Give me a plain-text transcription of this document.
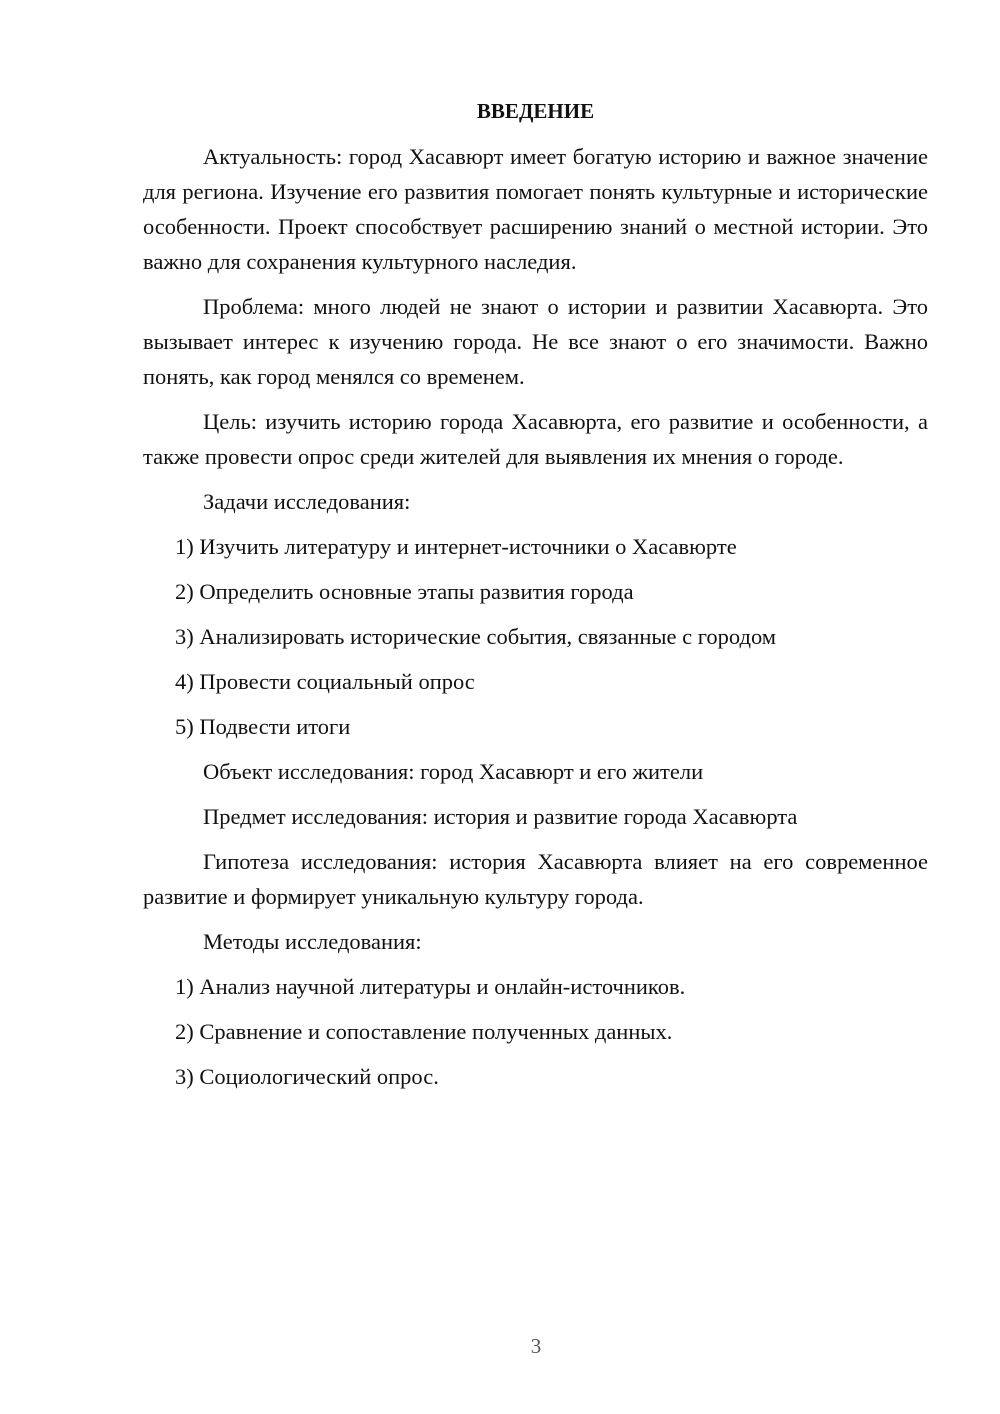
ВВЕДЕНИЕ

Актуальность: город Хасавюрт имеет богатую историю и важное значение для региона. Изучение его развития помогает понять культурные и исторические особенности. Проект способствует расширению знаний о местной истории. Это важно для сохранения культурного наследия.

Проблема: много людей не знают о истории и развитии Хасавюрта. Это вызывает интерес к изучению города. Не все знают о его значимости. Важно понять, как город менялся со временем.

Цель: изучить историю города Хасавюрта, его развитие и особенности, а также провести опрос среди жителей для выявления их мнения о городе.

Задачи исследования:

1) Изучить литературу и интернет-источники о Хасавюрте

2) Определить основные этапы развития города

3) Анализировать исторические события, связанные с городом

4) Провести социальный опрос

5) Подвести итоги

Объект исследования: город Хасавюрт и его жители

Предмет исследования: история и развитие города Хасавюрта

Гипотеза исследования: история Хасавюрта влияет на его современное развитие и формирует уникальную культуру города.

Методы исследования:

1) Анализ научной литературы и онлайн-источников.

2) Сравнение и сопоставление полученных данных.

3) Социологический опрос.

3
